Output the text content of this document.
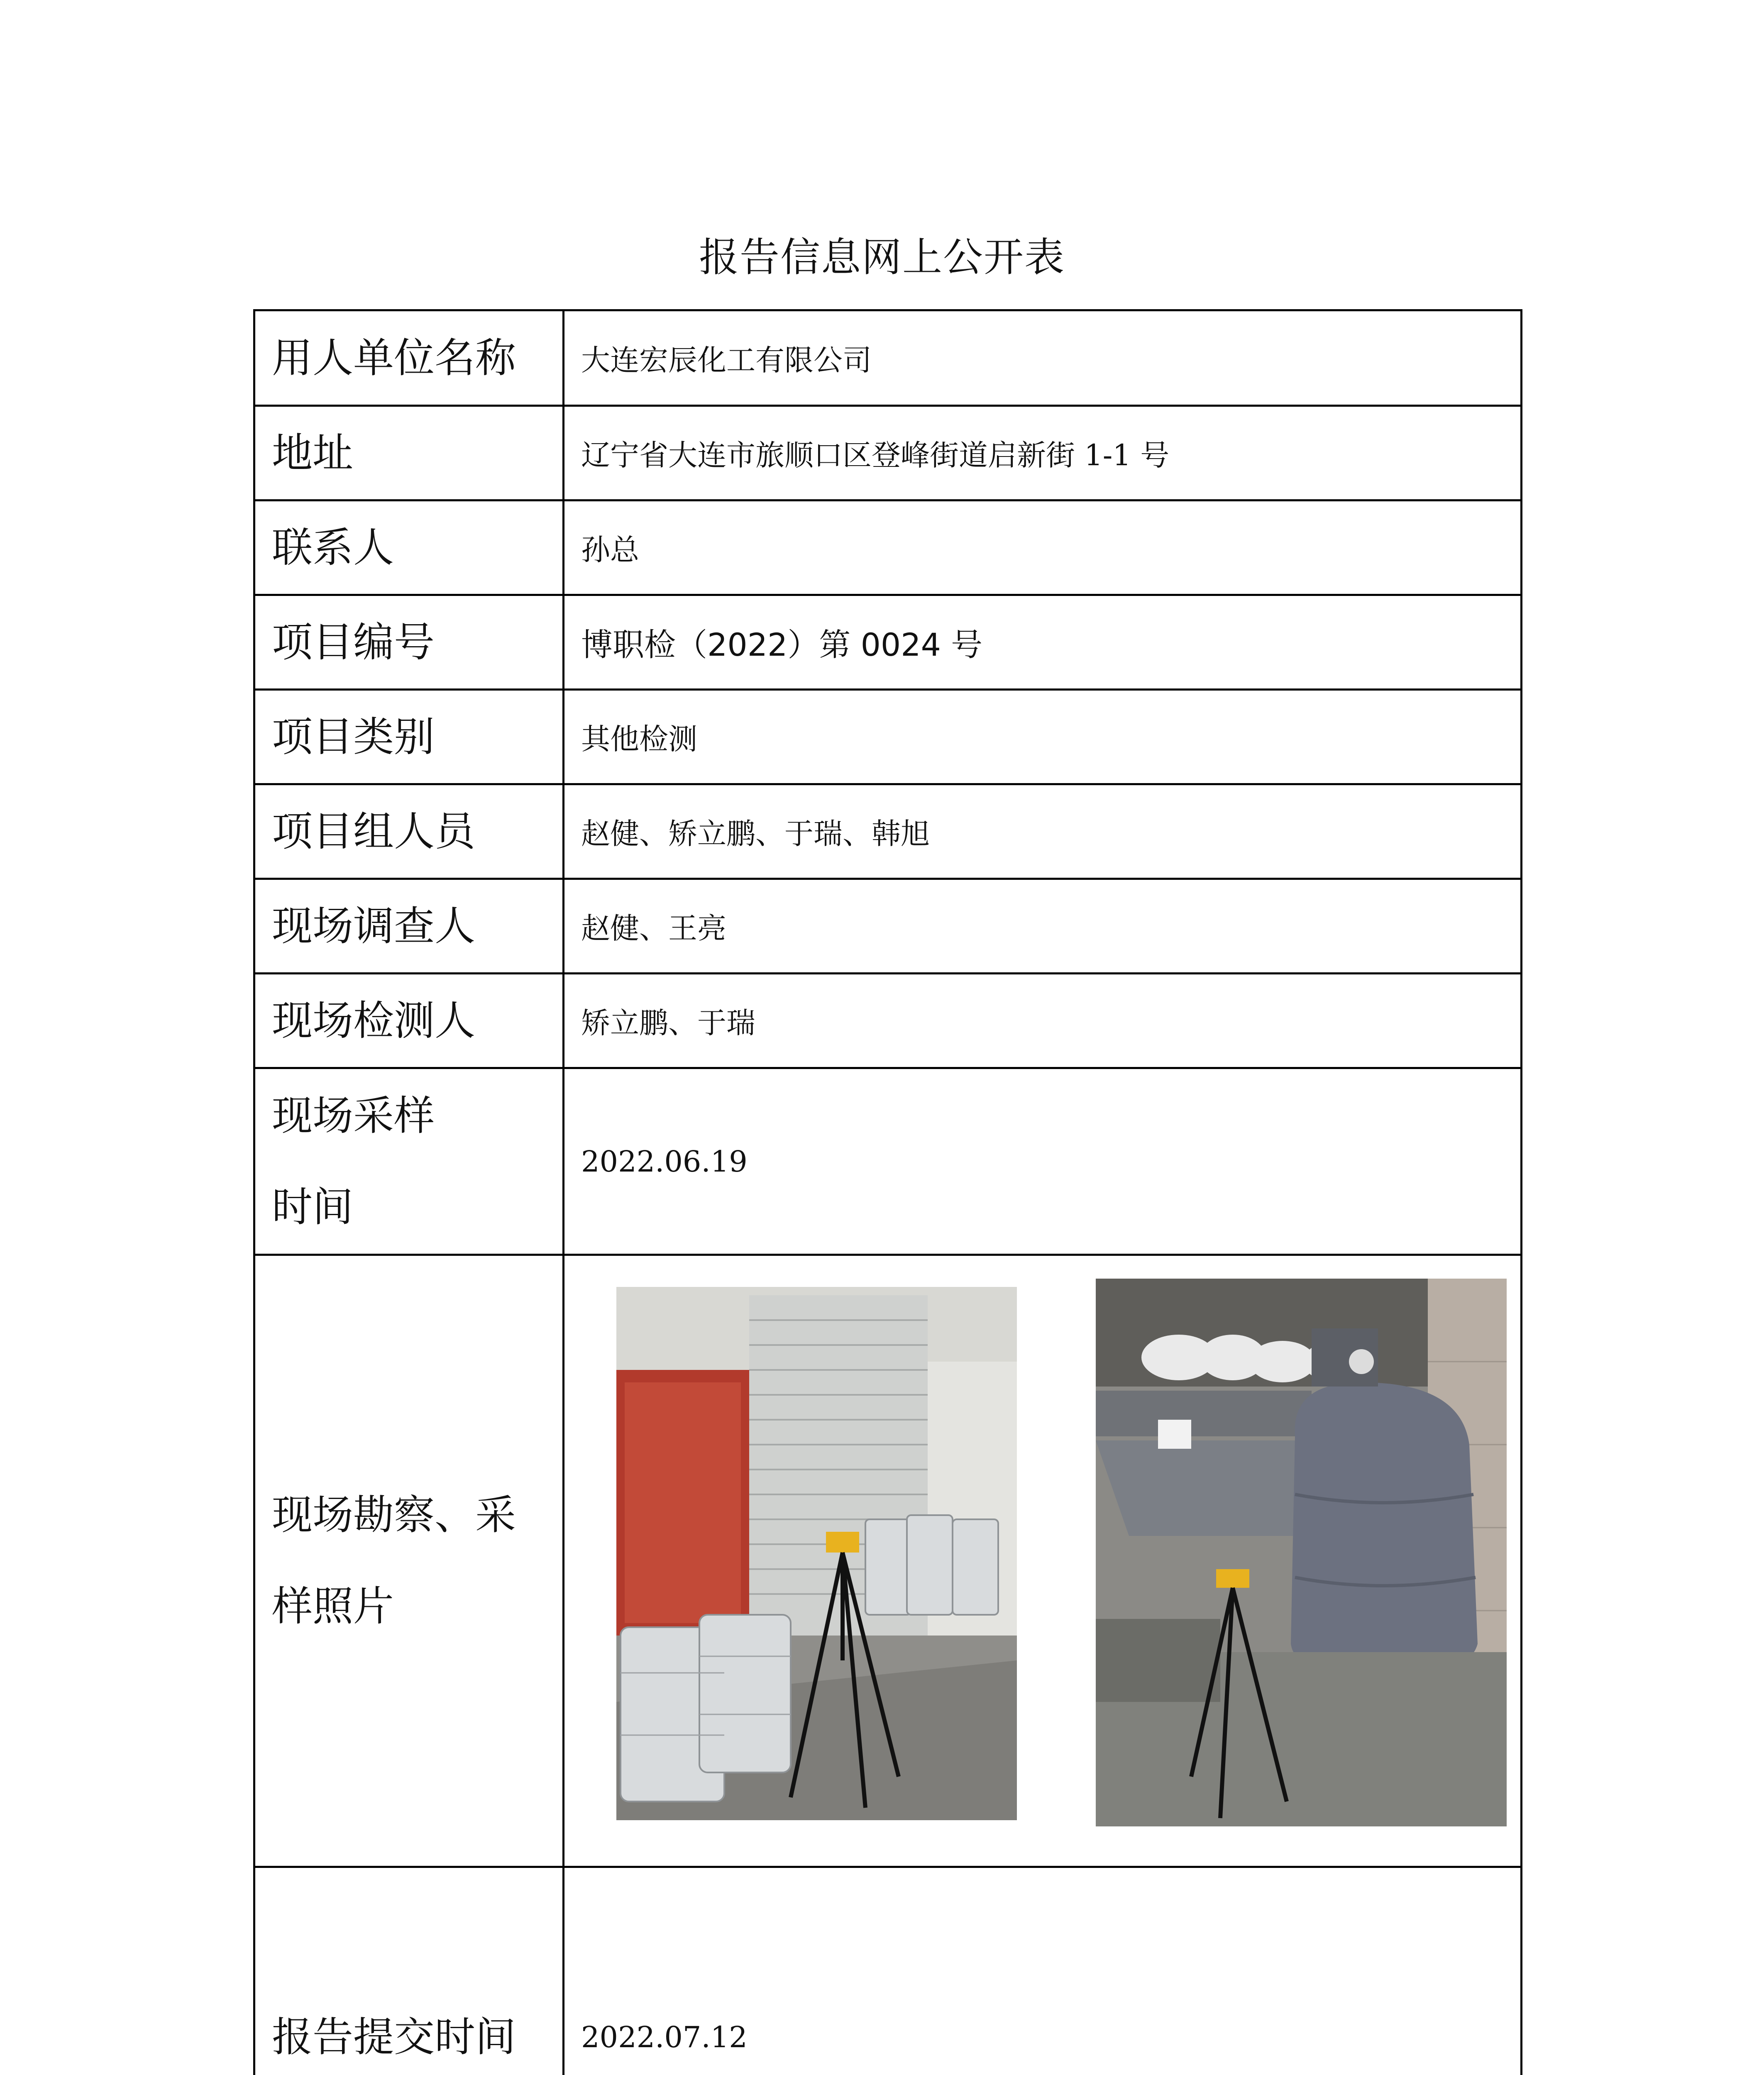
报告信息网上公开表
用人单位名称	大连宏辰化工有限公司
地址	辽宁省大连市旅顺口区登峰街道启新街 1-1 号
联系人	孙总
项目编号	博职检（2022）第 0024 号
项目类别	其他检测
项目组人员	赵健、矫立鹏、于瑞、韩旭
现场调查人	赵健、王亮
现场检测人	矫立鹏、于瑞

现场采样
时间	2022.06.19

现场勘察、采
样照片

报告提交时间	2022.07.12
